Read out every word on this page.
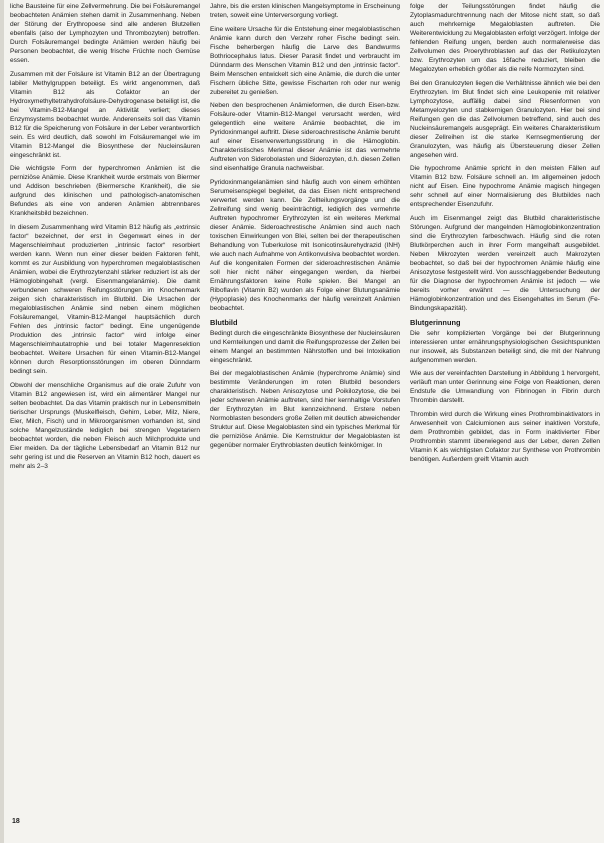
liche Bausteine für eine Zellvermehrung. Die bei Folsäuremangel beobachteten Anämien stehen damit in Zusammenhang. Neben der Störung der Erythropoese sind alle anderen Blutzellen ebenfalls (also der Lymphozyten und Thrombozyten) betroffen. Durch Folsäuremangel bedingte Anämien werden häufig bei Personen beobachtet, die wenig frische Früchte noch Gemüse essen.

Zusammen mit der Folsäure ist Vitamin B12 an der Übertragung labiler Methylgruppen beteiligt. Es wirkt angenommen, daß Vitamin B12 als Cofaktor an der Hydroxymethyltetrahydrofolsäure-Dehydrogenase beteiligt ist, die bei Vitamin-B12-Mangel an Aktivität verliert; dieses Enzymsystems beobachtet wurde. Anderenseits soll das Vitamin B12 für die Speicherung von Folsäure in der Leber verantwortlich sein. Es wird deutlich, daß sowohl im Folsäuremangel wie im Vitamin B12-Mangel die Biosynthese der Nucleinsäuren eingeschränkt ist.

Die wichtigste Form der hyperchromen Anämien ist die perniziöse Anämie. Diese Krankheit wurde erstmals von Biermer und Addison beschrieben (Biermersche Krankheit), die sie aufgrund des klinischen und pathologisch-anatomischen Befundes als eine von anderen Anämien abtrennbares Krankheitsbild bezeichnen.

In diesem Zusammenhang wird Vitamin B12 häufig als „extrinsic factor“ bezeichnet, der erst in Gegenwart eines in der Magenschleimhaut produzierten „intrinsic factor“ resorbiert werden kann. Wenn nun einer dieser beiden Faktoren fehlt, kommt es zur Ausbildung von hyperchromen megaloblastischen Anämien, wobei die Erythrozytenzahl stärker reduziert ist als der Hämoglobingehalt (vergl. Eisenmangelanämie). Die damit verbundenen schweren Reifungsstörungen im Knochenmark zeigen sich charakteristisch im Blutbild. Die Ursachen der megaloblastischen Anämie sind neben einem möglichen Folsäuremangel, Vitamin-B12-Mangel hauptsächlich durch Fehlen des „intrinsic factor“ bedingt. Eine ungenügende Produktion des „intrinsic factor“ wird infolge einer Magenschleimhautatrophie und bei totaler Magenresektion beobachtet. Weitere Ursachen für einen Vitamin-B12-Mangel können durch Resorptionsstörungen im oberen Dünndarm bedingt sein.

Obwohl der menschliche Organismus auf die orale Zufuhr von Vitamin B12 angewiesen ist, wird ein alimentärer Mangel nur selten beobachtet. Da das Vitamin praktisch nur in Lebensmitteln tierischer Ursprungs (Muskelfleisch, Gehirn, Leber, Milz, Niere, Eier, Milch, Fisch) und in Mikroorganismen vorhanden ist, sind solche Mangelzustände lediglich bei strengen Vegetariern beobachtet worden, die neben Fleisch auch Milchprodukte und Eier meiden. Da der tägliche Lebensbedarf an Vitamin B12 nur sehr gering ist und die Reserven an Vitamin B12 hoch, dauert es mehr als 2–3

Jahre, bis die ersten klinischen Mangelsymptome in Erscheinung treten, soweit eine Unterversorgung vorliegt.

Eine weitere Ursache für die Entstehung einer megaloblastischen Anämie kann durch den Verzehr roher Fische bedingt sein. Fische beherbergen häufig die Larve des Bandwurms Bothriocephalus latus. Dieser Parasit findet und verbraucht im Dünndarm des Menschen Vitamin B12 und den „intrinsic factor“. Beim Menschen entwickelt sich eine Anämie, die durch die unter Fischern übliche Sitte, gewisse Fischarten roh oder nur wenig zubereitet zu genießen.

Neben den besprochenen Anämieformen, die durch Eisen-bzw. Folsäure-oder Vitamin-B12-Mangel verursacht werden, wird gelegentlich eine weitere Anämie beobachtet, die im Pyridoxinmangel auftritt. Diese sideroachrestische Anämie beruht auf einer Eisenverwertungsstörung in die Hämoglobin. Charakteristisches Merkmal dieser Anämie ist das vermehrte Auftreten von Siderobolasten und Siderozyten, d.h. diesen Zellen sind eisenhaltige Granula nachweisbar.

Pyridoxinmangelanämien sind häufig auch von einem erhöhten Serumeisenspiegel begleitet, da das Eisen nicht entsprechend verwertet werden kann. Die Zellteilungsvorgänge und die Zellreifung sind wenig beeinträchtigt, lediglich des vermehrte Auftreten hypochromer Erythrozyten ist ein weiteres Merkmal dieser Anämie. Sideroachrestische Anämien sind auch nach toxischen Einwirkungen von Blei, selten bei der therapeutischen Behandlung von Tuberkulose mit Isonicotinsäurehydrazid (INH) wie auch nach Aufnahme von Antikonvulsiva beobachtet worden. Auf die kongenitalen Formen der sideroachrestischen Anämie soll hier nicht näher eingegangen werden, da hierbei Ernährungsfaktoren keine Rolle spielen. Bei Mangel an Riboflavin (Vitamin B2) wurden als Folge einer Blutungsanämie (Hypoplasie) des Knochenmarks der häufig vereinzelt Anämien beobachtet.

Blutbild

Bedingt durch die eingeschränkte Biosynthese der Nucleinsäuren und Kernteilungen und damit die Reifungsprozesse der Zellen bei einem Mangel an bestimmten Nährstoffen und bei Intoxikation eingeschränkt.

Bei der megaloblastischen Anämie (hyperchrome Anämie) sind bestimmte Veränderungen im roten Blutbild besonders charakteristisch. Neben Anisozytose und Poikilozytose, die bei jeder schweren Anämie auftreten, sind hier kernhaltige Vorstufen der Erythrozyten im Blut kennzeichnend. Erstere neben Normoblasten besonders große Zellen mit deutlich abweichender Struktur auf. Diese Megaloblasten sind ein typisches Merkmal für die perniziöse Anämie. Die Kernstruktur der Megaloblasten ist gegenüber normaler Erythroblasten deutlich feinkörniger. In

folge der Teilungsstörungen findet häufig die Zytoplasmadurchtrennung nach der Mitose nicht statt, so daß auch mehrkernige Megaloblasten auftreten. Die Weiterentwicklung zu Megaloblasten erfolgt verzögert. Infolge der fehlenden Reifung ungen, berden auch normalerweise das Zellvolumen des Proerythroblasten auf das der Retikulozyten bzw. Erythrozyten um das 16fache reduziert, bleiben die Megalozyten erheblich größer als die reife Normozyten sind.

Bei den Granulozyten liegen die Verhältnisse ähnlich wie bei den Erythrozyten. Im Blut findet sich eine Leukopenie mit relativer Lymphozytose, auffällig dabei sind Riesenformen von Metamyelozyten und stabkernigen Granulozyten. Hier bei sind Reifungen gen die das Zellvolumen betreffend, sind auch des Nucleinsäuremangels ausgeprägt. Ein weiteres Charakteristikum dieser Zellreihen ist die starke Kernsegmentierung der Granulozyten, was häufig als Übersteuerung dieser Zellen angesehen wird.

Die hypochrome Anämie spricht in den meisten Fällen auf Vitamin B12 bzw. Folsäure schnell an. Im allgemeinen jedoch nicht auf Eisen. Eine hypochrome Anämie magisch hingegen sehr schnell auf einer Normalisierung des Blutbildes nach entsprechender Eisenzufuhr.

Auch im Eisenmangel zeigt das Blutbild charakteristische Störungen. Aufgrund der mangelnden Hämoglobinkonzentration sind die Erythrozyten farbeschwach. Häufig sind die roten Blutkörperchen auch in ihrer Form mangelhaft ausgebildet. Neben Mikrozyten werden vereinzelt auch Makrozyten beobachtet, so daß bei der hypochromen Anämie häufig eine Anisozytose festgestellt wird. Von ausschlaggebender Bedeutung für die Diagnose der hypochromen Anämie ist jedoch — wie bereits vorher erwähnt — die Untersuchung der Hämoglobinkonzentration und des Eisengehaltes im Serum (Fe-Bindungskapazität).

Blutgerinnung

Die sehr komplizierten Vorgänge bei der Blutgerinnung interessieren unter ernährungsphysiologischen Gesichtspunkten nur insoweit, als Substanzen beteiligt sind, die mit der Nahrung aufgenommen werden.

Wie aus der vereinfachten Darstellung in Abbildung 1 hervorgeht, verläuft man unter Gerinnung eine Folge von Reaktionen, deren Endstufe die Umwandlung von Fibrinogen in Fibrin durch Thrombin darstellt.

Thrombin wird durch die Wirkung eines Prothrombinaktivators in Anwesenheit von Calciumionen aus seiner inaktiven Vorstufe, dem Prothrombin gebildet, das in Form inaktivierter Fiber Prothrombin stammt überwiegend aus der Leber, deren Zellen Vitamin K als wichtigsten Cofaktor zur Synthese von Prothrombin benötigen. Außerdem greift Vitamin auch

18
